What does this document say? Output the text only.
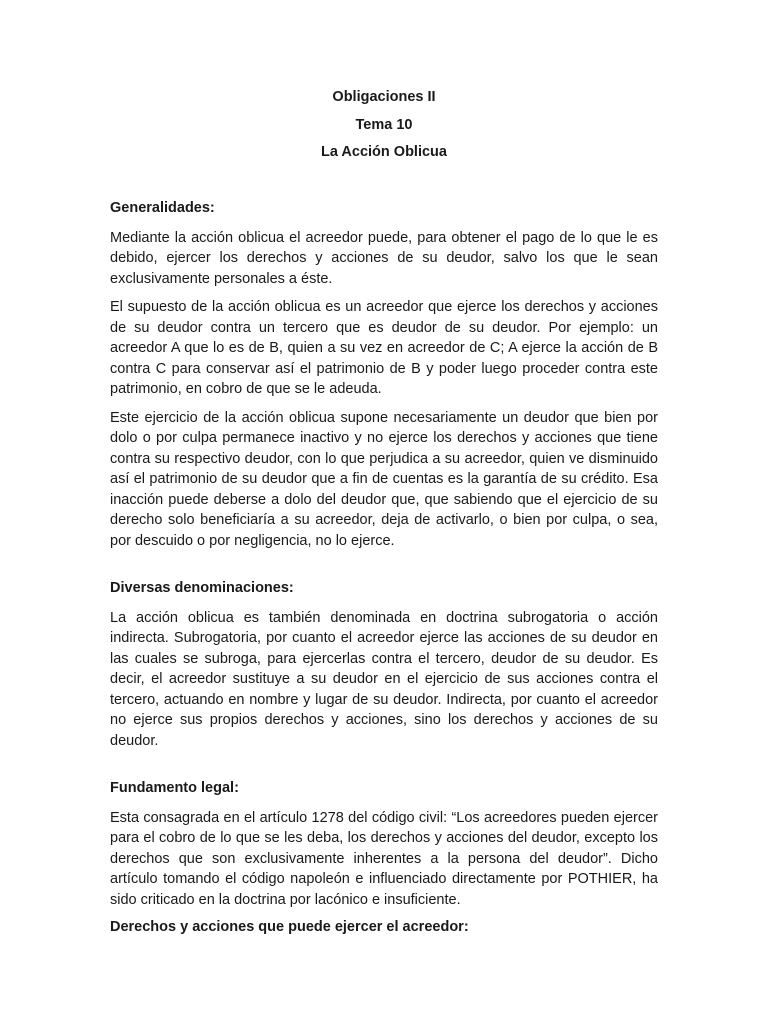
Obligaciones II

Tema 10

La Acción Oblicua

Generalidades:

Mediante la acción oblicua el acreedor puede, para obtener el pago de lo que le es debido, ejercer los derechos y acciones de su deudor, salvo los que le sean exclusivamente personales a éste.

El supuesto de la acción oblicua es un acreedor que ejerce los derechos y acciones de su deudor contra un tercero que es deudor de su deudor. Por ejemplo: un acreedor A que lo es de B, quien a su vez en acreedor de C; A ejerce la acción de B contra C para conservar así el patrimonio de B y poder luego proceder contra este patrimonio, en cobro de que se le adeuda.

Este ejercicio de la acción oblicua supone necesariamente un deudor que bien por dolo o por culpa permanece inactivo y no ejerce los derechos y acciones que tiene contra su respectivo deudor, con lo que perjudica a su acreedor, quien ve disminuido así el patrimonio de su deudor que a fin de cuentas es la garantía de su crédito. Esa inacción puede deberse a dolo del deudor que, que sabiendo que el ejercicio de su derecho solo beneficiaría a su acreedor, deja de activarlo, o bien por culpa, o sea, por descuido o por negligencia, no lo ejerce.

Diversas denominaciones:

La acción oblicua es también denominada en doctrina subrogatoria o acción indirecta. Subrogatoria, por cuanto el acreedor ejerce las acciones de su deudor en las cuales se subroga, para ejercerlas contra el tercero, deudor de su deudor. Es decir, el acreedor sustituye a su deudor en el ejercicio de sus acciones contra el tercero, actuando en nombre y lugar de su deudor. Indirecta, por cuanto el acreedor no ejerce sus propios derechos y acciones, sino los derechos y acciones de su deudor.

Fundamento legal:

Esta consagrada en el artículo 1278 del código civil: “Los acreedores pueden ejercer para el cobro de lo que se les deba, los derechos y acciones del deudor, excepto los derechos que son exclusivamente inherentes a la persona del deudor”. Dicho artículo tomando el código napoleón e influenciado directamente por POTHIER, ha sido criticado en la doctrina por lacónico e insuficiente.

Derechos y acciones que puede ejercer el acreedor:
